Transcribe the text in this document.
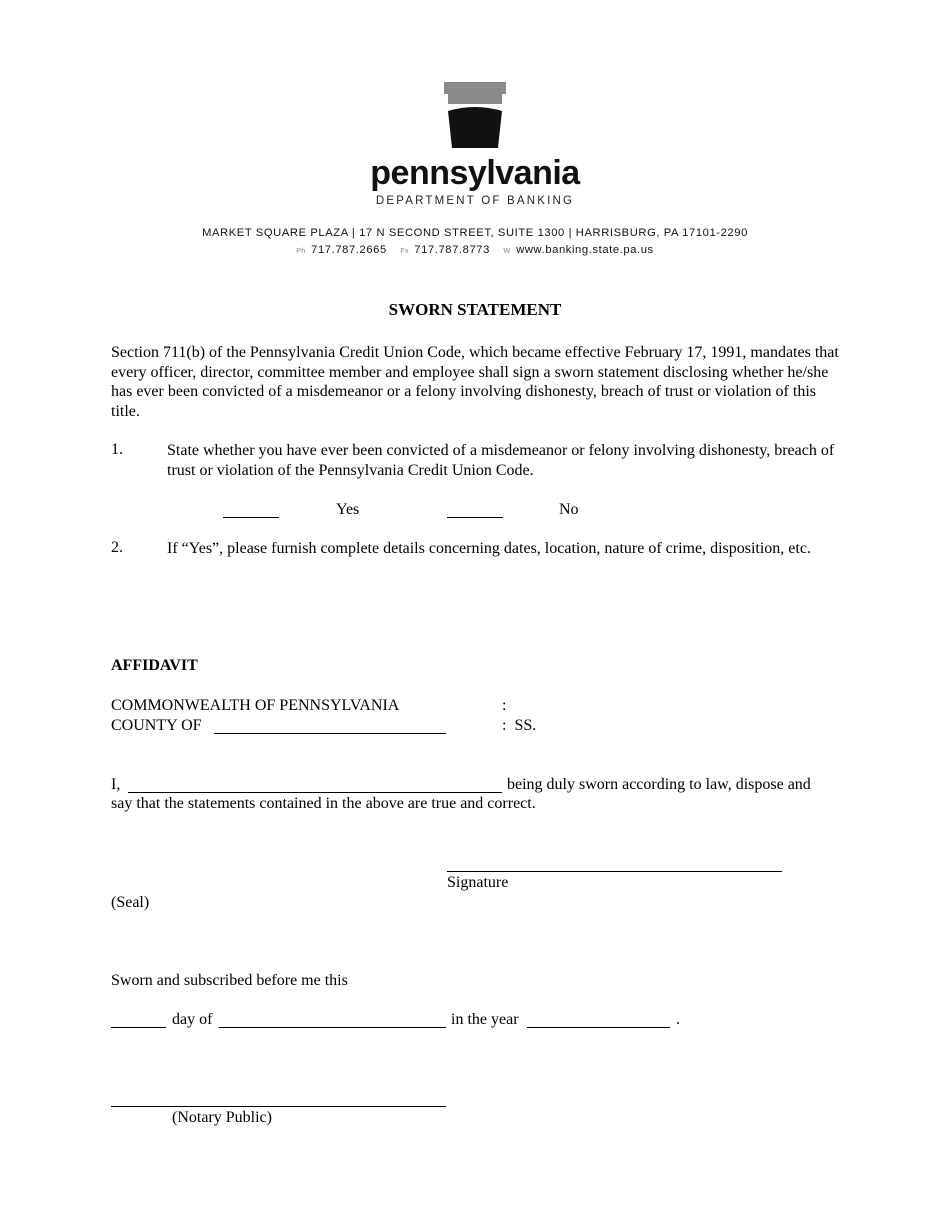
pennsylvania
DEPARTMENT OF BANKING
MARKET SQUARE PLAZA | 17 N SECOND STREET, SUITE 1300 | HARRISBURG, PA 17101-2290
Ph 717.787.2665 Fx 717.787.8773 W www.banking.state.pa.us
SWORN STATEMENT
Section 711(b) of the Pennsylvania Credit Union Code, which became effective February 17, 1991, mandates that every officer, director, committee member and employee shall sign a sworn statement disclosing whether he/she has ever been convicted of a misdemeanor or a felony involving dishonesty, breach of trust or violation of this title.
1.	State whether you have ever been convicted of a misdemeanor or felony involving dishonesty, breach of trust or violation of the Pennsylvania Credit Union Code.
Yes	No
2.	If “Yes”, please furnish complete details concerning dates, location, nature of crime, disposition, etc.
AFFIDAVIT
COMMONWEALTH OF PENNSYLVANIA	:
COUNTY OF	:  SS.
I,	being duly sworn according to law, dispose and
say that the statements contained in the above are true and correct.
Signature
(Seal)
Sworn and subscribed before me this
day of	in the year	.
(Notary Public)
